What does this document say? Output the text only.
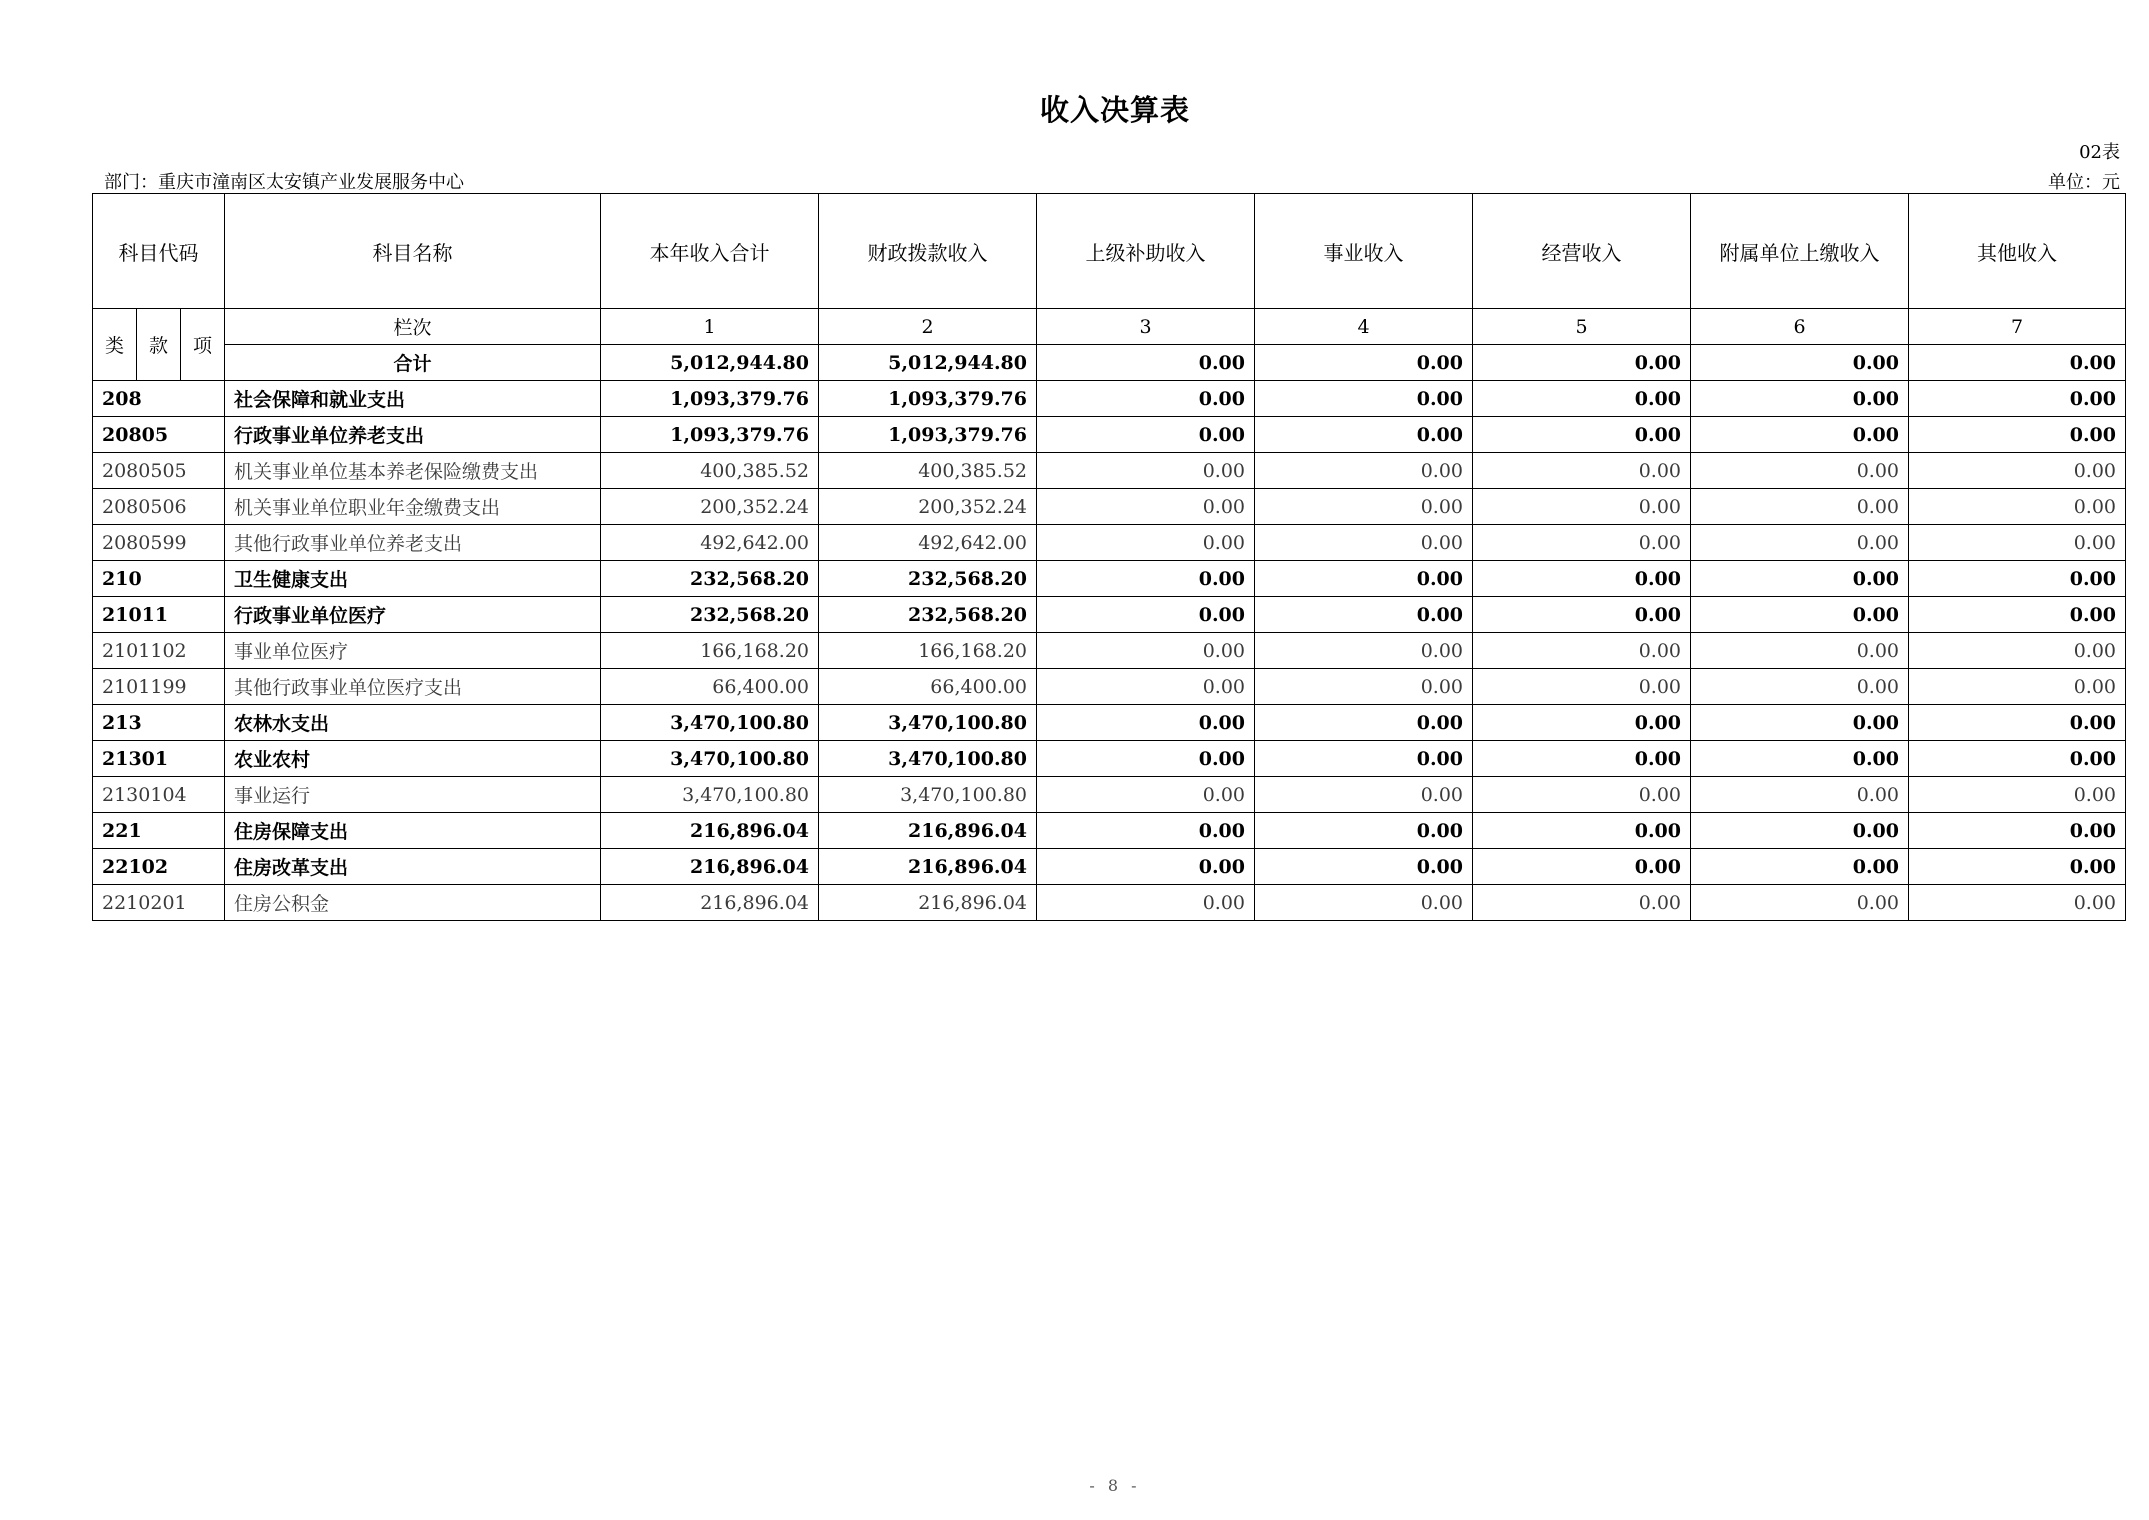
收入决算表
02表
部门：重庆市潼南区太安镇产业发展服务中心	单位：元
科目代码			科目名称	本年收入合计	财政拨款收入	上级补助收入	事业收入	经营收入	附属单位上缴收入	其他收入
类	款	项	栏次	1	2	3	4	5	6	7
			合计	5,012,944.80	5,012,944.80	0.00	0.00	0.00	0.00	0.00
208			社会保障和就业支出	1,093,379.76	1,093,379.76	0.00	0.00	0.00	0.00	0.00
20805			行政事业单位养老支出	1,093,379.76	1,093,379.76	0.00	0.00	0.00	0.00	0.00
2080505			机关事业单位基本养老保险缴费支出	400,385.52	400,385.52	0.00	0.00	0.00	0.00	0.00
2080506			机关事业单位职业年金缴费支出	200,352.24	200,352.24	0.00	0.00	0.00	0.00	0.00
2080599			其他行政事业单位养老支出	492,642.00	492,642.00	0.00	0.00	0.00	0.00	0.00
210			卫生健康支出	232,568.20	232,568.20	0.00	0.00	0.00	0.00	0.00
21011			行政事业单位医疗	232,568.20	232,568.20	0.00	0.00	0.00	0.00	0.00
2101102			事业单位医疗	166,168.20	166,168.20	0.00	0.00	0.00	0.00	0.00
2101199			其他行政事业单位医疗支出	66,400.00	66,400.00	0.00	0.00	0.00	0.00	0.00
213			农林水支出	3,470,100.80	3,470,100.80	0.00	0.00	0.00	0.00	0.00
21301			农业农村	3,470,100.80	3,470,100.80	0.00	0.00	0.00	0.00	0.00
2130104			事业运行	3,470,100.80	3,470,100.80	0.00	0.00	0.00	0.00	0.00
221			住房保障支出	216,896.04	216,896.04	0.00	0.00	0.00	0.00	0.00
22102			住房改革支出	216,896.04	216,896.04	0.00	0.00	0.00	0.00	0.00
2210201			住房公积金	216,896.04	216,896.04	0.00	0.00	0.00	0.00	0.00
- 8 -
